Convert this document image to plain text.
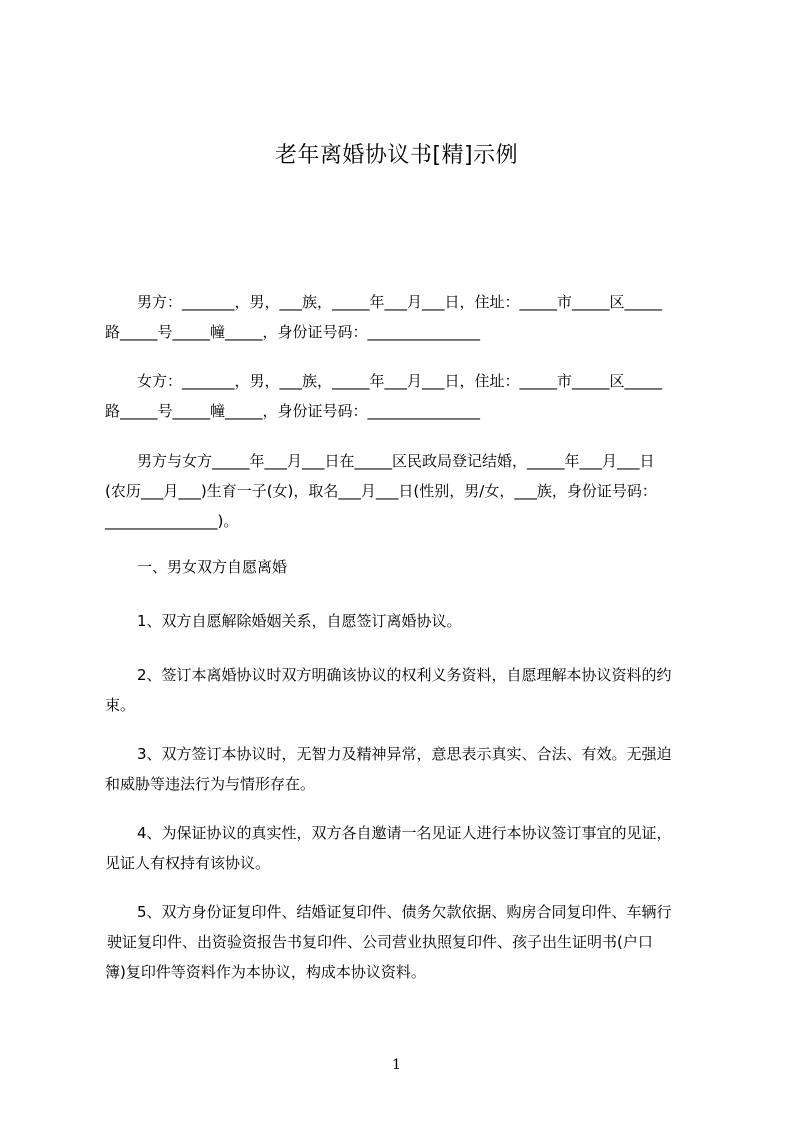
老年离婚协议书[精]示例
男方：_______，男，___族，_____年___月___日，住址：_____市_____区_____
路_____号_____幢_____，身份证号码：_______________
女方：_______，男，___族，_____年___月___日，住址：_____市_____区_____
路_____号_____幢_____，身份证号码：_______________
男方与女方_____年___月___日在_____区民政局登记结婚，_____年___月___日
(农历___月___)生育一子(女)，取名___月___日(性别，男/女，___族，身份证号码：
_______________)。
一、男女双方自愿离婚
1、双方自愿解除婚姻关系，自愿签订离婚协议。
2、签订本离婚协议时双方明确该协议的权利义务资料，自愿理解本协议资料的约
束。
3、双方签订本协议时，无智力及精神异常，意思表示真实、合法、有效。无强迫
和威胁等违法行为与情形存在。
4、为保证协议的真实性，双方各自邀请一名见证人进行本协议签订事宜的见证，
见证人有权持有该协议。
5、双方身份证复印件、结婚证复印件、债务欠款依据、购房合同复印件、车辆行
驶证复印件、出资验资报告书复印件、公司营业执照复印件、孩子出生证明书(户口
簿)复印件等资料作为本协议，构成本协议资料。
1
